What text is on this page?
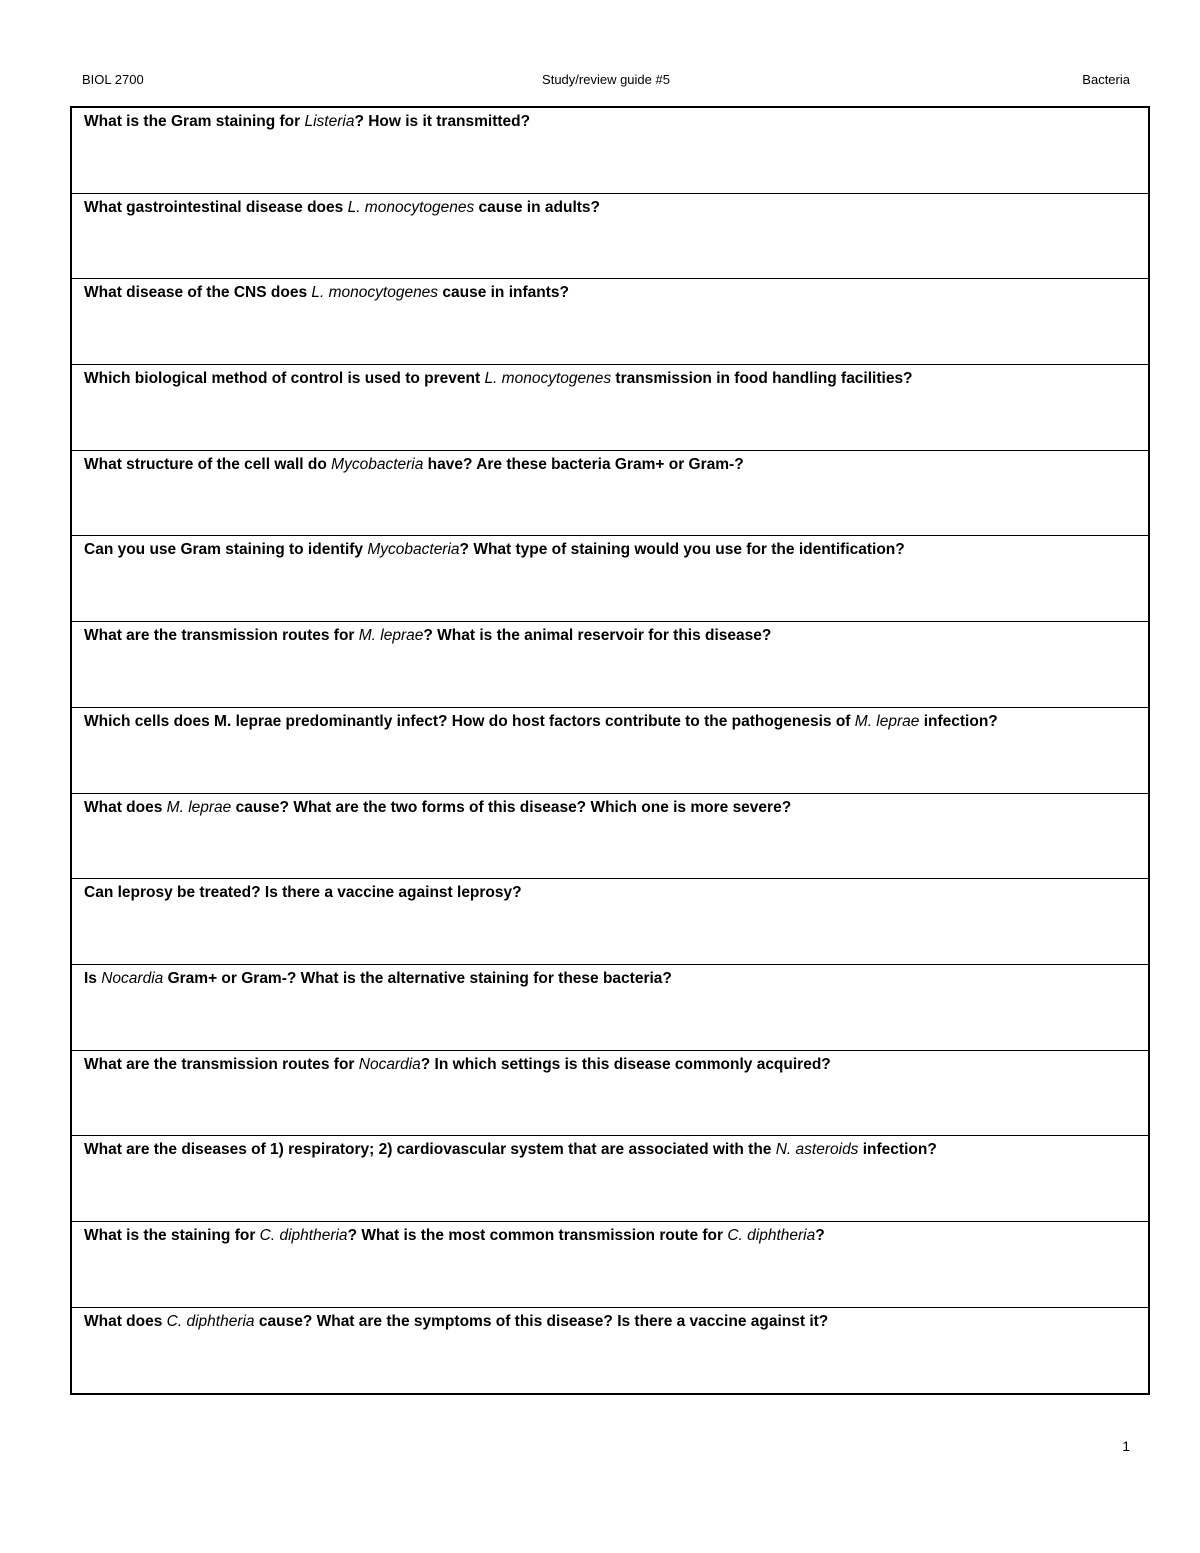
BIOL 2700	Study/review guide #5	Bacteria
What is the Gram staining for Listeria? How is it transmitted?
What gastrointestinal disease does L. monocytogenes cause in adults?
What disease of the CNS does L. monocytogenes cause in infants?
Which biological method of control is used to prevent L. monocytogenes transmission in food handling facilities?
What structure of the cell wall do Mycobacteria have? Are these bacteria Gram+ or Gram-?
Can you use Gram staining to identify Mycobacteria? What type of staining would you use for the identification?
What are the transmission routes for M. leprae? What is the animal reservoir for this disease?
Which cells does M. leprae predominantly infect? How do host factors contribute to the pathogenesis of M. leprae infection?
What does M. leprae cause? What are the two forms of this disease? Which one is more severe?
Can leprosy be treated? Is there a vaccine against leprosy?
Is Nocardia Gram+ or Gram-? What is the alternative staining for these bacteria?
What are the transmission routes for Nocardia? In which settings is this disease commonly acquired?
What are the diseases of 1) respiratory; 2) cardiovascular system that are associated with the N. asteroids infection?
What is the staining for C. diphtheria? What is the most common transmission route for C. diphtheria?
What does C. diphtheria cause? What are the symptoms of this disease? Is there a vaccine against it?
1
